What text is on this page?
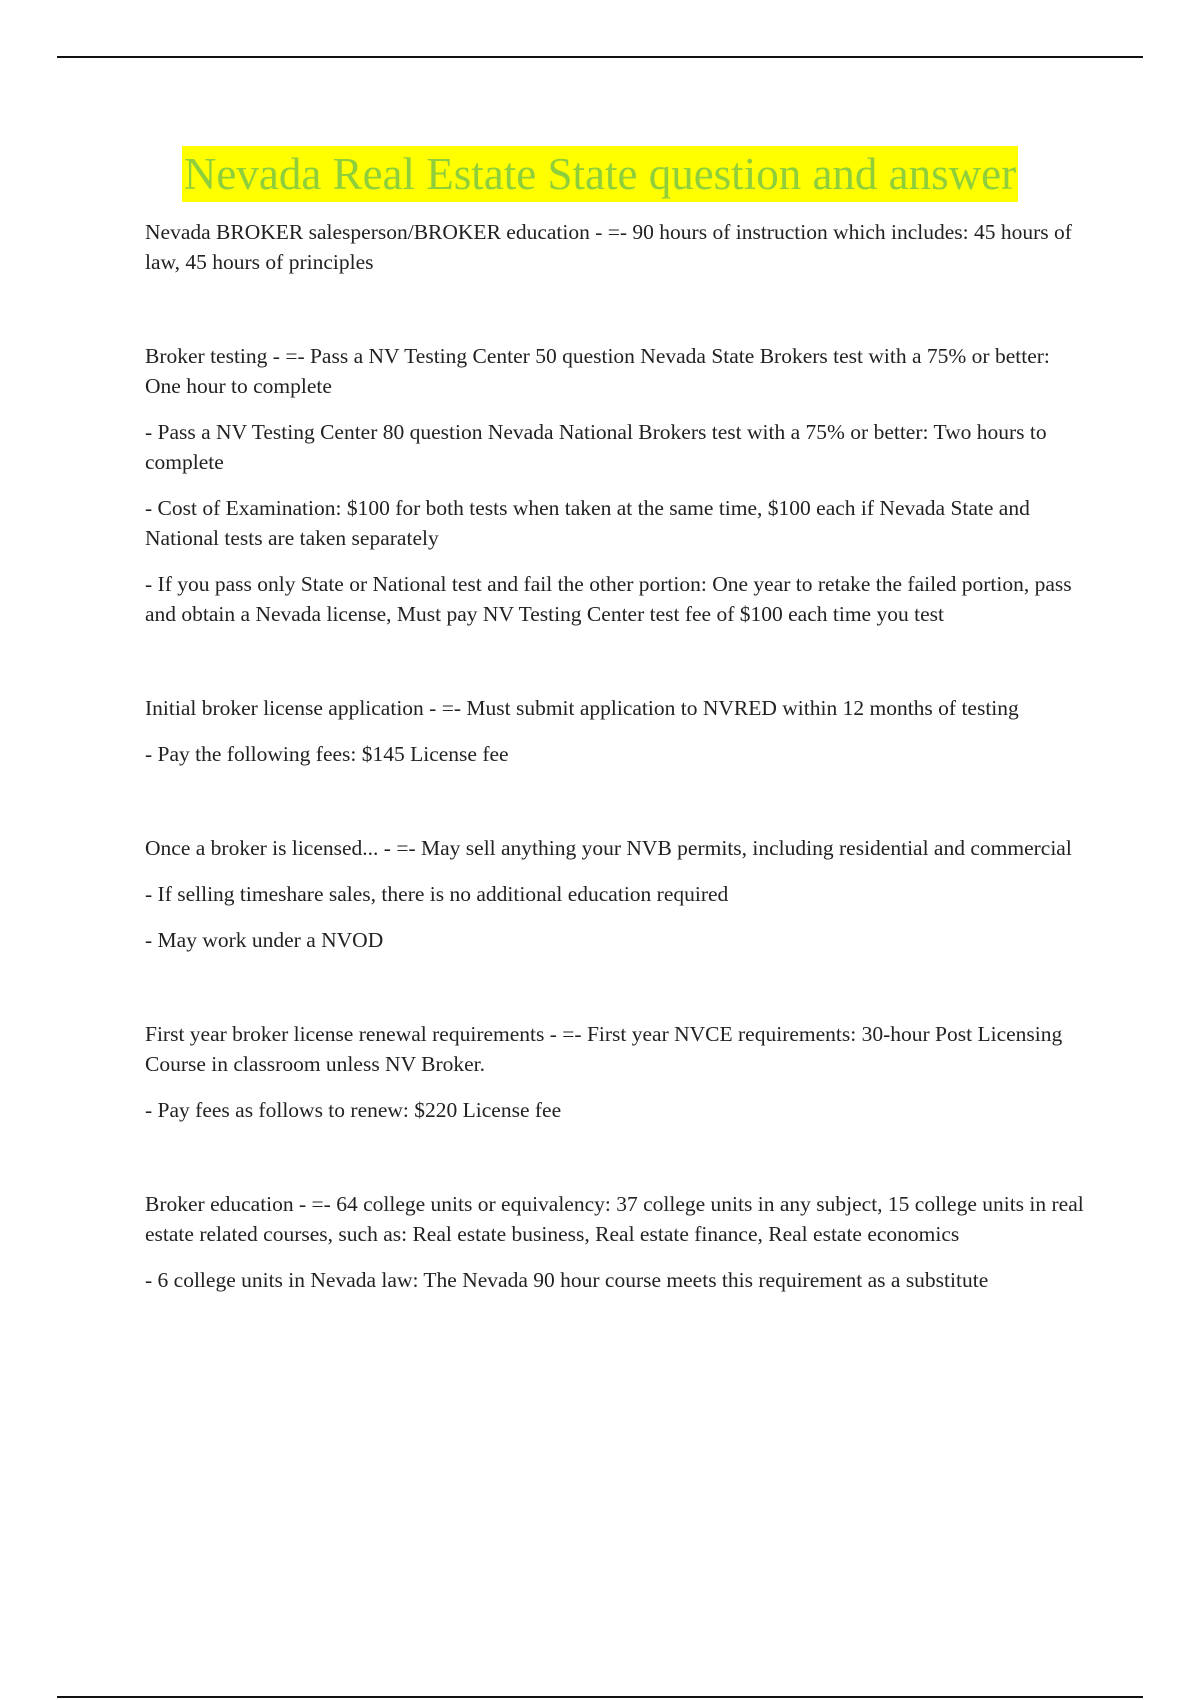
Nevada Real Estate State question and answer

Nevada BROKER salesperson/BROKER education - =- 90 hours of instruction which includes: 45 hours of law, 45 hours of principles

Broker testing - =- Pass a NV Testing Center 50 question Nevada State Brokers test with a 75% or better: One hour to complete

- Pass a NV Testing Center 80 question Nevada National Brokers test with a 75% or better: Two hours to complete

- Cost of Examination: $100 for both tests when taken at the same time, $100 each if Nevada State and National tests are taken separately

- If you pass only State or National test and fail the other portion: One year to retake the failed portion, pass and obtain a Nevada license, Must pay NV Testing Center test fee of $100 each time you test

Initial broker license application - =- Must submit application to NVRED within 12 months of testing

- Pay the following fees: $145 License fee

Once a broker is licensed... - =- May sell anything your NVB permits, including residential and commercial

- If selling timeshare sales, there is no additional education required

- May work under a NVOD

First year broker license renewal requirements - =- First year NVCE requirements: 30-hour Post Licensing Course in classroom unless NV Broker.

- Pay fees as follows to renew: $220 License fee

Broker education - =- 64 college units or equivalency: 37 college units in any subject, 15 college units in real estate related courses, such as: Real estate business, Real estate finance, Real estate economics

- 6 college units in Nevada law: The Nevada 90 hour course meets this requirement as a substitute
